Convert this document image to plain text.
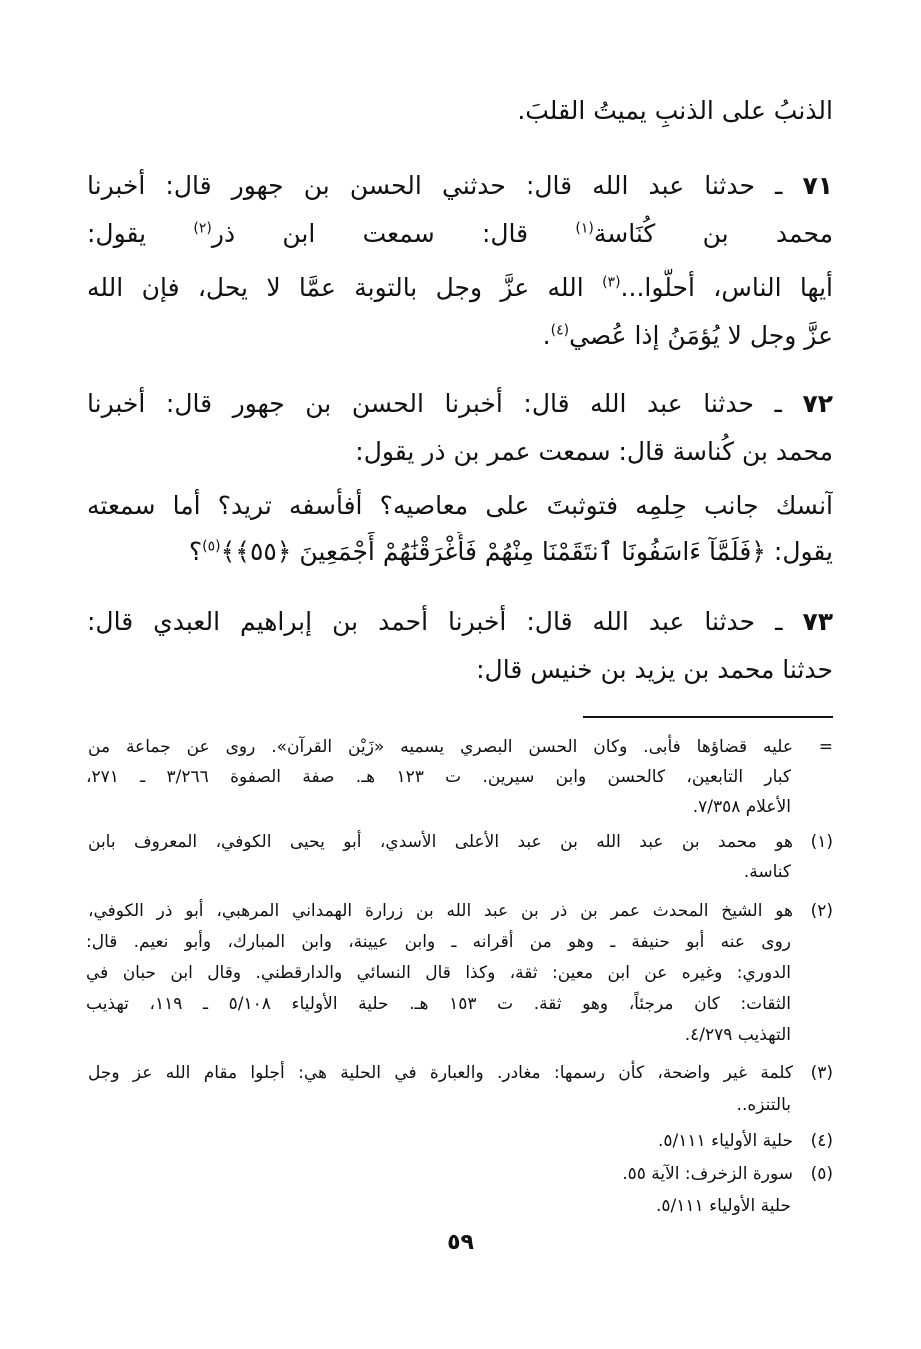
الذنبُ على الذنبِ يميتُ القلبَ.
٧١ ـ حدثنا عبد الله قال: حدثني الحسن بن جهور قال: أخبرنا
محمد بن كُنَاسة$^{(١)}$ قال: سمعت ابن ذر$^{(٢)}$ يقول:
أيها الناس، أحلُّوا...$^{(٣)}$ الله عزَّ وجل بالتوبة عمَّا لا يحل، فإن الله
عزَّ وجل لا يُؤمَنُ إذا عُصي$^{(٤)}$.
٧٢ ـ حدثنا عبد الله قال: أخبرنا الحسن بن جهور قال: أخبرنا
محمد بن كُناسة قال: سمعت عمر بن ذر يقول:
آنسك جانب حِلمِه فتوثبتَ على معاصيه؟ أفأسفه تريد؟ أما سمعته
يقول: ﴿فَلَمَّآ ءَاسَفُونَا ٱنتَقَمْنَا مِنْهُمْ فَأَغْرَقْنَٰهُمْ أَجْمَعِينَ ﴿٥٥﴾﴾$^{(٥)}$؟
٧٣ ـ حدثنا عبد الله قال: أخبرنا أحمد بن إبراهيم العبدي قال:
حدثنا محمد بن يزيد بن خنيس قال:
=عليه قضاؤها فأبى. وكان الحسن البصري يسميه «زَيْن القرآن». روى عن جماعة من
كبار التابعين، كالحسن وابن سيرين. ت ١٢٣ هـ. صفة الصفوة ٣/٢٦٦ ـ ٢٧١،
الأعلام ٧/٣٥٨.
(١)هو محمد بن عبد الله بن عبد الأعلى الأسدي، أبو يحيى الكوفي، المعروف بابن
كناسة.
(٢)هو الشيخ المحدث عمر بن ذر بن عبد الله بن زرارة الهمداني المرهبي، أبو ذر الكوفي،
روى عنه أبو حنيفة ـ وهو من أقرانه ـ وابن عيينة، وابن المبارك، وأبو نعيم. قال:
الدوري: وغيره عن ابن معين: ثقة، وكذا قال النسائي والدارقطني. وقال ابن حبان في
الثقات: كان مرجئاً، وهو ثقة. ت ١٥٣ هـ. حلية الأولياء ٥/١٠٨ ـ ١١٩، تهذيب
التهذيب ٤/٢٧٩.
(٣)كلمة غير واضحة، كأن رسمها: مغادر. والعبارة في الحلية هي: أجلوا مقام الله عز وجل
بالتنزه..
(٤)حلية الأولياء ٥/١١١.
(٥)سورة الزخرف: الآية ٥٥.
حلية الأولياء ٥/١١١.
٥٩
